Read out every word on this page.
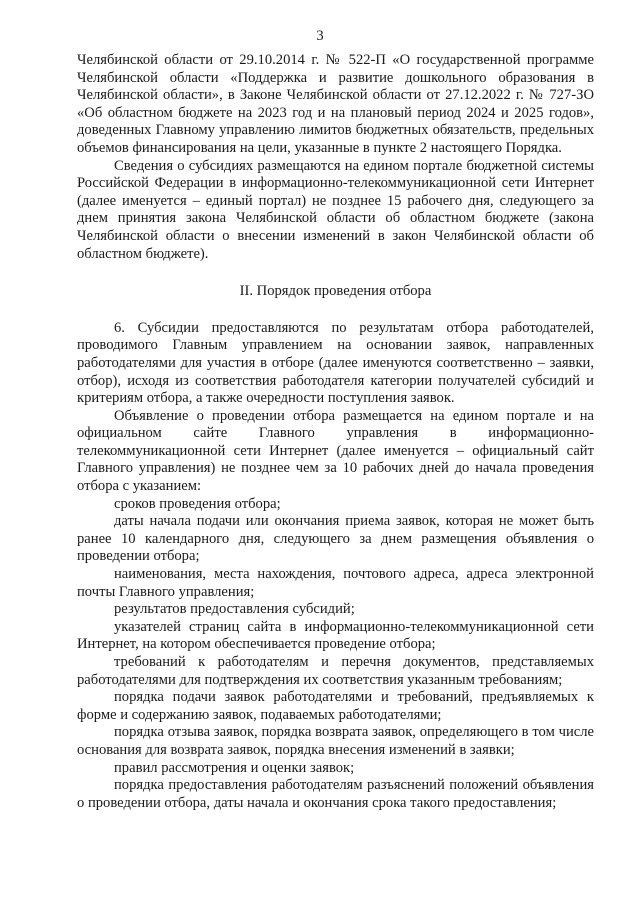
3

Челябинской области от 29.10.2014 г. № 522-П «О государственной программе Челябинской области «Поддержка и развитие дошкольного образования в Челябинской области», в Законе Челябинской области от 27.12.2022 г. № 727-ЗО «Об областном бюджете на 2023 год и на плановый период 2024 и 2025 годов», доведенных Главному управлению лимитов бюджетных обязательств, предельных объемов финансирования на цели, указанные в пункте 2 настоящего Порядка.

Сведения о субсидиях размещаются на едином портале бюджетной системы Российской Федерации в информационно-телекоммуникационной сети Интернет (далее именуется – единый портал) не позднее 15 рабочего дня, следующего за днем принятия закона Челябинской области об областном бюджете (закона Челябинской области о внесении изменений в закон Челябинской области об областном бюджете).

II. Порядок проведения отбора

6. Субсидии предоставляются по результатам отбора работодателей, проводимого Главным управлением на основании заявок, направленных работодателями для участия в отборе (далее именуются соответственно – заявки, отбор), исходя из соответствия работодателя категории получателей субсидий и критериям отбора, а также очередности поступления заявок.

Объявление о проведении отбора размещается на едином портале и на официальном сайте Главного управления в информационно-телекоммуникационной сети Интернет (далее именуется – официальный сайт Главного управления) не позднее чем за 10 рабочих дней до начала проведения отбора с указанием:

сроков проведения отбора;

даты начала подачи или окончания приема заявок, которая не может быть ранее 10 календарного дня, следующего за днем размещения объявления о проведении отбора;

наименования, места нахождения, почтового адреса, адреса электронной почты Главного управления;

результатов предоставления субсидий;

указателей страниц сайта в информационно-телекоммуникационной сети Интернет, на котором обеспечивается проведение отбора;

требований к работодателям и перечня документов, представляемых работодателями для подтверждения их соответствия указанным требованиям;

порядка подачи заявок работодателями и требований, предъявляемых к форме и содержанию заявок, подаваемых работодателями;

порядка отзыва заявок, порядка возврата заявок, определяющего в том числе основания для возврата заявок, порядка внесения изменений в заявки;

правил рассмотрения и оценки заявок;

порядка предоставления работодателям разъяснений положений объявления о проведении отбора, даты начала и окончания срока такого предоставления;
